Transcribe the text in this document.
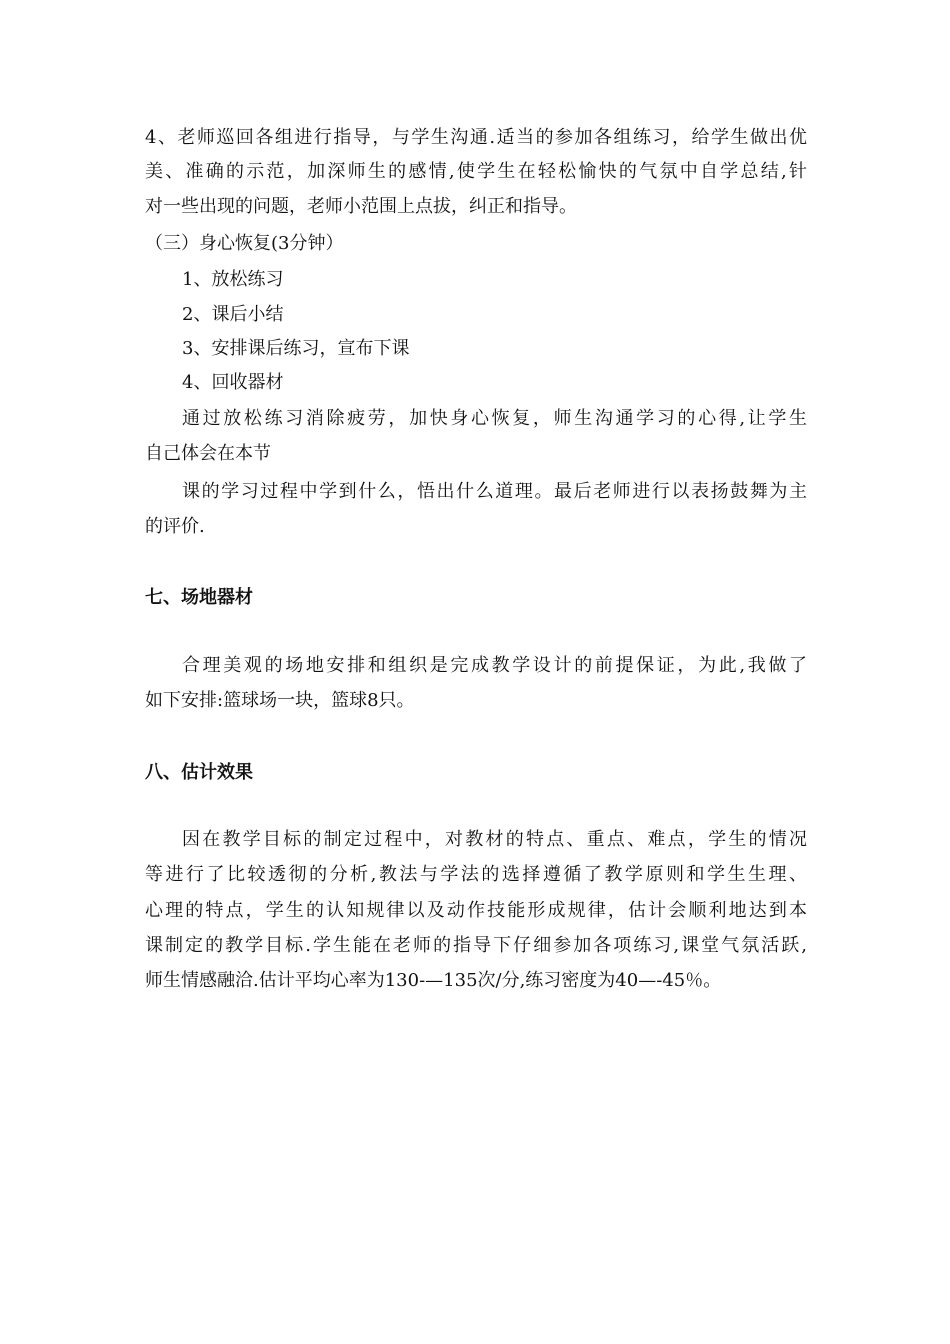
4、老师巡回各组进行指导，与学生沟通.适当的参加各组练习，给学生做出优
美、准确的示范，加深师生的感情,使学生在轻松愉快的气氛中自学总结,针
对一些出现的问题，老师小范围上点拔，纠正和指导。
（三）身心恢复(3分钟）
1、放松练习
2、课后小结
3、安排课后练习，宣布下课
4、回收器材
通过放松练习消除疲劳，加快身心恢复，师生沟通学习的心得,让学生
自己体会在本节
课的学习过程中学到什么，悟出什么道理。最后老师进行以表扬鼓舞为主
的评价.
七、场地器材
合理美观的场地安排和组织是完成教学设计的前提保证，为此,我做了
如下安排:篮球场一块，篮球8只。
八、估计效果
因在教学目标的制定过程中，对教材的特点、重点、难点，学生的情况
等进行了比较透彻的分析,教法与学法的选择遵循了教学原则和学生生理、
心理的特点，学生的认知规律以及动作技能形成规律，估计会顺利地达到本
课制定的教学目标.学生能在老师的指导下仔细参加各项练习,课堂气氛活跃,
师生情感融洽.估计平均心率为130-—135次/分,练习密度为40—-45％。
